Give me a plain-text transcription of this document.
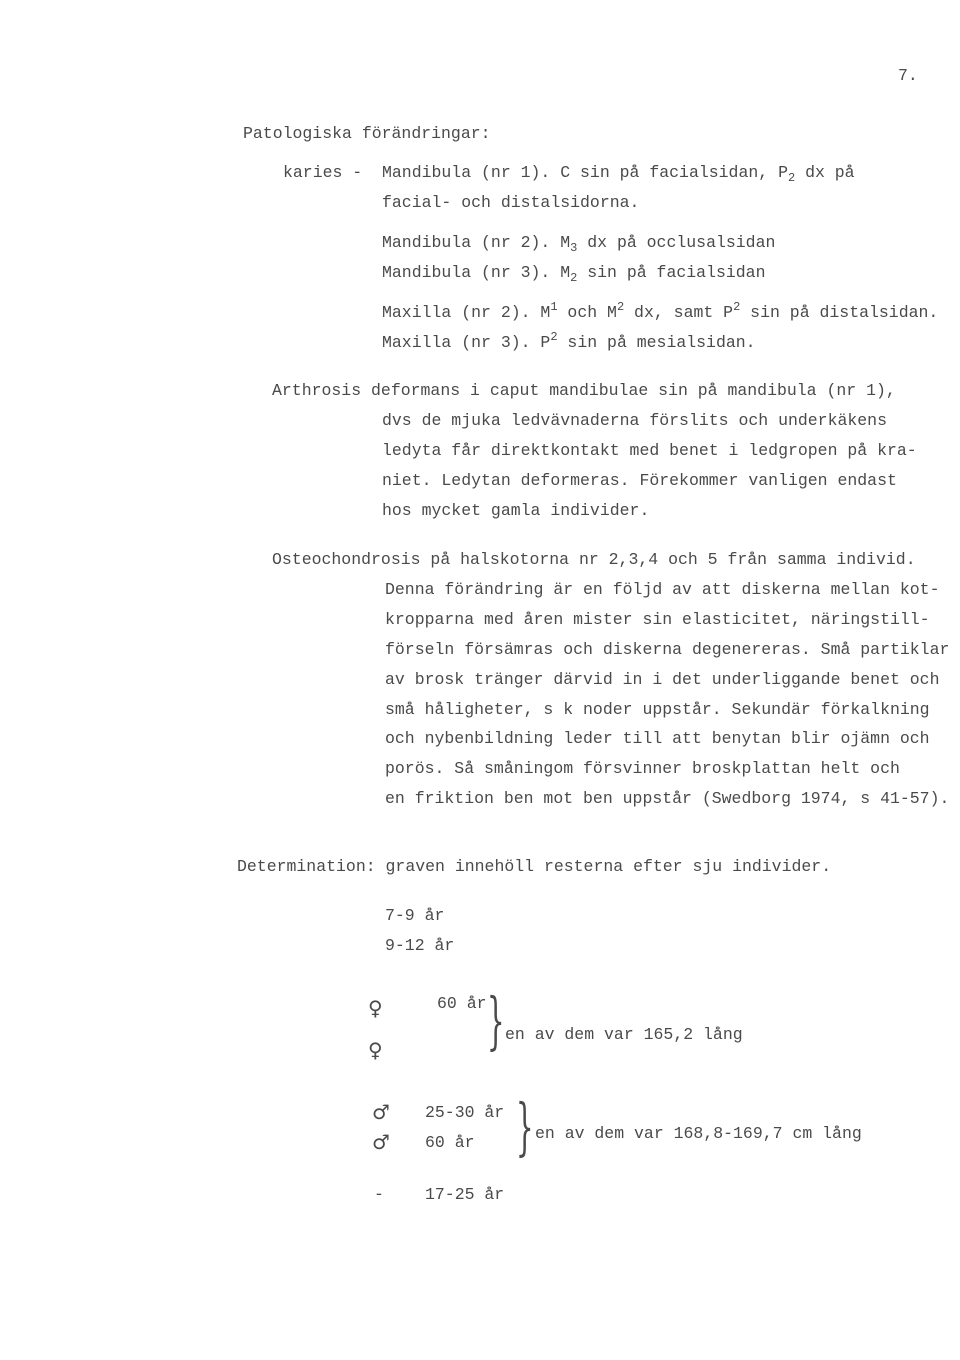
7.
Patologiska förändringar:
karies - Mandibula (nr 1). C sin på facialsidan, $P_2$ dx på
facial- och distalsidorna.
Mandibula (nr 2). $M_3$ dx på occlusalsidan
Mandibula (nr 3). $M_2$ sin på facialsidan
Maxilla (nr 2). $M^1$ och $M^2$ dx, samt $P^2$ sin på distalsidan.
Maxilla (nr 3). $P^2$ sin på mesialsidan.
Arthrosis deformans i caput mandibulae sin på mandibula (nr 1),
dvs de mjuka ledvävnaderna förslits och underkäkens
ledyta får direktkontakt med benet i ledgropen på kra-
niet. Ledytan deformeras. Förekommer vanligen endast
hos mycket gamla individer.
Osteochondrosis på halskotorna nr 2,3,4 och 5 från samma individ.
Denna förändring är en följd av att diskerna mellan kot-
kropparna med åren mister sin elasticitet, näringstill-
förseln försämras och diskerna degenereras. Små partiklar
av brosk tränger därvid in i det underliggande benet och
små håligheter, s k noder uppstår. Sekundär förkalkning
och nybenbildning leder till att benytan blir ojämn och
porös. Så småningom försvinner broskplattan helt och
en friktion ben mot ben uppstår (Swedborg 1974, s 41-57).
Determination: graven innehöll resterna efter sju individer.
7-9 år
9-12 år
♀	60 år
♀ } en av dem var 165,2 lång
♂ 25-30 år
♂ 60 år } en av dem var 168,8-169,7 cm lång
- 17-25 år
